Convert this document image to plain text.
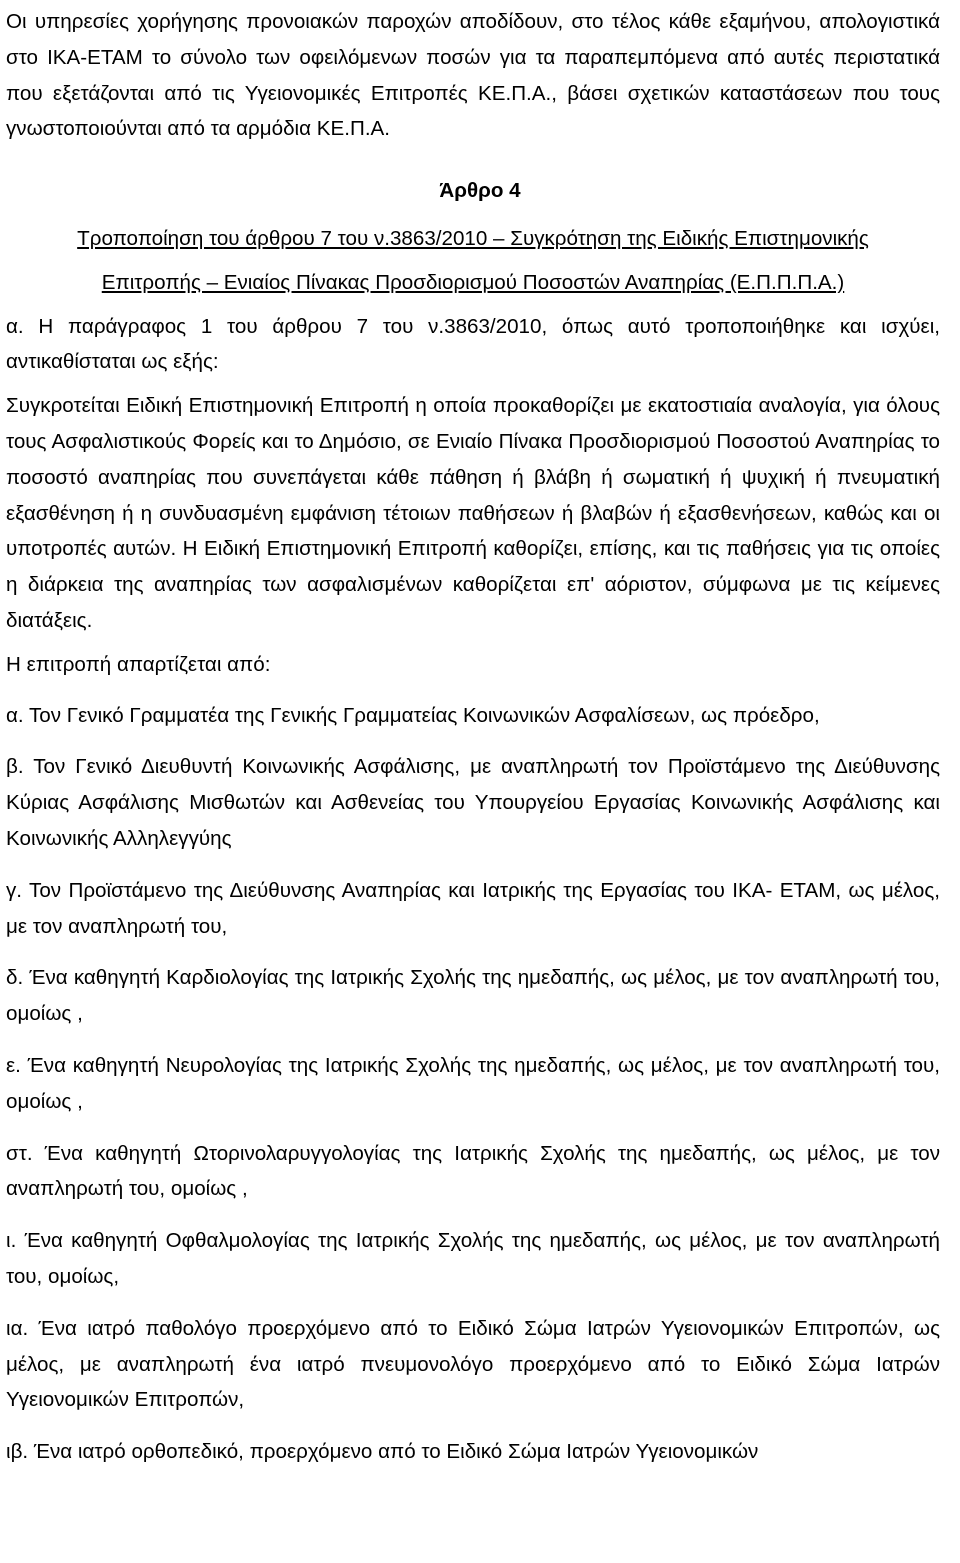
Οι υπηρεσίες χορήγησης προνοιακών παροχών αποδίδουν, στο τέλος κάθε εξαμήνου, απολογιστικά στο ΙΚΑ-ΕΤΑΜ το σύνολο των οφειλόμενων ποσών για τα παραπεμπόμενα από αυτές περιστατικά που εξετάζονται από τις Υγειονομικές Επιτροπές ΚΕ.Π.Α., βάσει σχετικών καταστάσεων που τους γνωστοποιούνται από τα αρμόδια ΚΕ.Π.Α.

Άρθρο 4
Τροποποίηση του άρθρου 7 του ν.3863/2010 – Συγκρότηση της Ειδικής Επιστημονικής
Επιτροπής – Ενιαίος Πίνακας Προσδιορισμού Ποσοστών Αναπηρίας (Ε.Π.Π.Π.Α.)

α. Η παράγραφος 1 του άρθρου 7 του ν.3863/2010, όπως αυτό τροποποιήθηκε και ισχύει, αντικαθίσταται ως εξής:

Συγκροτείται Ειδική Επιστημονική Επιτροπή η οποία προκαθορίζει με εκατοστιαία αναλογία, για όλους τους Ασφαλιστικούς Φορείς και το Δημόσιο, σε Ενιαίο Πίνακα Προσδιορισμού Ποσοστού Αναπηρίας το ποσοστό αναπηρίας που συνεπάγεται κάθε πάθηση ή βλάβη ή σωματική ή ψυχική ή πνευματική εξασθένηση ή η συνδυασμένη εμφάνιση τέτοιων παθήσεων ή βλαβών ή εξασθενήσεων, καθώς και οι υποτροπές αυτών. Η Ειδική Επιστημονική Επιτροπή καθορίζει, επίσης, και τις παθήσεις για τις οποίες η διάρκεια της αναπηρίας των ασφαλισμένων καθορίζεται επ' αόριστον, σύμφωνα με τις κείμενες διατάξεις.

Η επιτροπή απαρτίζεται από:

α. Τον Γενικό Γραμματέα της Γενικής Γραμματείας Κοινωνικών Ασφαλίσεων, ως πρόεδρο,

β. Τον Γενικό Διευθυντή Κοινωνικής Ασφάλισης, με αναπληρωτή τον Προϊστάμενο της Διεύθυνσης Κύριας Ασφάλισης Μισθωτών και Ασθενείας του Υπουργείου Εργασίας Κοινωνικής Ασφάλισης και Κοινωνικής Αλληλεγγύης

γ. Τον Προϊστάμενο της Διεύθυνσης Αναπηρίας και Ιατρικής της Εργασίας του ΙΚΑ- ΕΤΑΜ, ως μέλος, με τον αναπληρωτή του,

δ. Ένα καθηγητή Καρδιολογίας της Ιατρικής Σχολής της ημεδαπής, ως μέλος, με τον αναπληρωτή του, ομοίως ,

ε. Ένα καθηγητή Νευρολογίας της Ιατρικής Σχολής της ημεδαπής, ως μέλος, με τον αναπληρωτή του, ομοίως ,

στ. Ένα καθηγητή Ωτορινολαρυγγολογίας της Ιατρικής Σχολής της ημεδαπής, ως μέλος, με τον αναπληρωτή του, ομοίως ,

ι. Ένα καθηγητή Οφθαλμολογίας της Ιατρικής Σχολής της ημεδαπής, ως μέλος, με τον αναπληρωτή του, ομοίως,

ια. Ένα ιατρό παθολόγο προερχόμενο από το Ειδικό Σώμα Ιατρών Υγειονομικών Επιτροπών, ως μέλος, με αναπληρωτή ένα ιατρό πνευμονολόγο προερχόμενο από το Ειδικό Σώμα Ιατρών Υγειονομικών Επιτροπών,

ιβ. Ένα ιατρό ορθοπεδικό, προερχόμενο από το Ειδικό Σώμα Ιατρών Υγειονομικών
